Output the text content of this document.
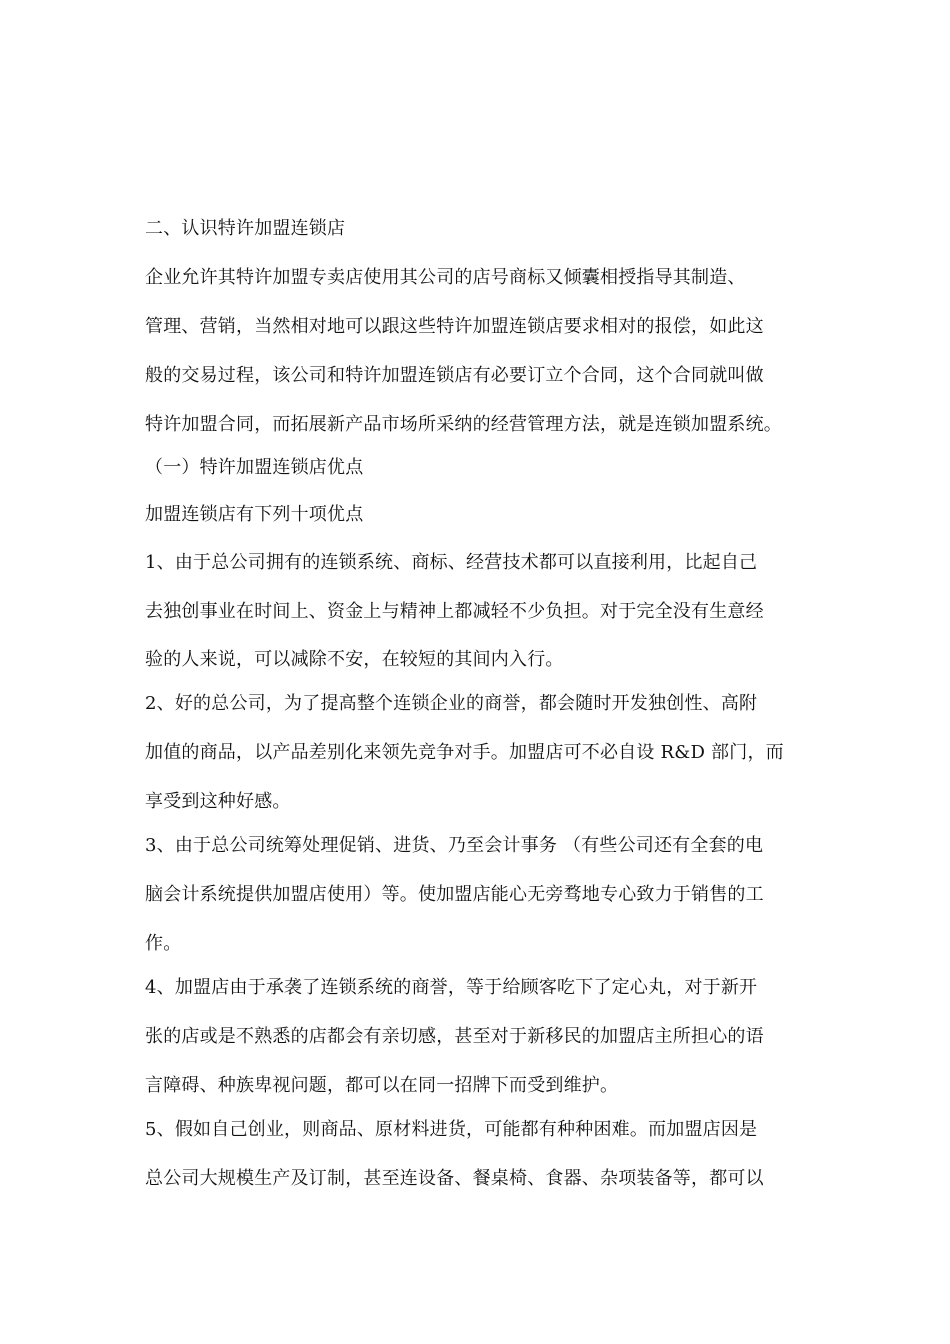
二、认识特许加盟连锁店
企业允许其特许加盟专卖店使用其公司的店号商标又倾囊相授指导其制造、
管理、营销，当然相对地可以跟这些特许加盟连锁店要求相对的报偿，如此这
般的交易过程，该公司和特许加盟连锁店有必要订立个合同，这个合同就叫做
特许加盟合同，而拓展新产品市场所采纳的经营管理方法，就是连锁加盟系统。
（一）特许加盟连锁店优点
加盟连锁店有下列十项优点
1、由于总公司拥有的连锁系统、商标、经营技术都可以直接利用，比起自己
去独创事业在时间上、资金上与精神上都减轻不少负担。对于完全没有生意经
验的人来说，可以减除不安，在较短的其间内入行。
2、好的总公司，为了提高整个连锁企业的商誉，都会随时开发独创性、高附
加值的商品，以产品差别化来领先竞争对手。加盟店可不必自设 R&D 部门，而
享受到这种好感。
3、由于总公司统筹处理促销、进货、乃至会计事务 （有些公司还有全套的电
脑会计系统提供加盟店使用）等。使加盟店能心无旁骛地专心致力于销售的工
作。
4、加盟店由于承袭了连锁系统的商誉，等于给顾客吃下了定心丸，对于新开
张的店或是不熟悉的店都会有亲切感，甚至对于新移民的加盟店主所担心的语
言障碍、种族卑视问题，都可以在同一招牌下而受到维护。
5、假如自己创业，则商品、原材料进货，可能都有种种困难。而加盟店因是
总公司大规模生产及订制，甚至连设备、餐桌椅、食器、杂项装备等，都可以
